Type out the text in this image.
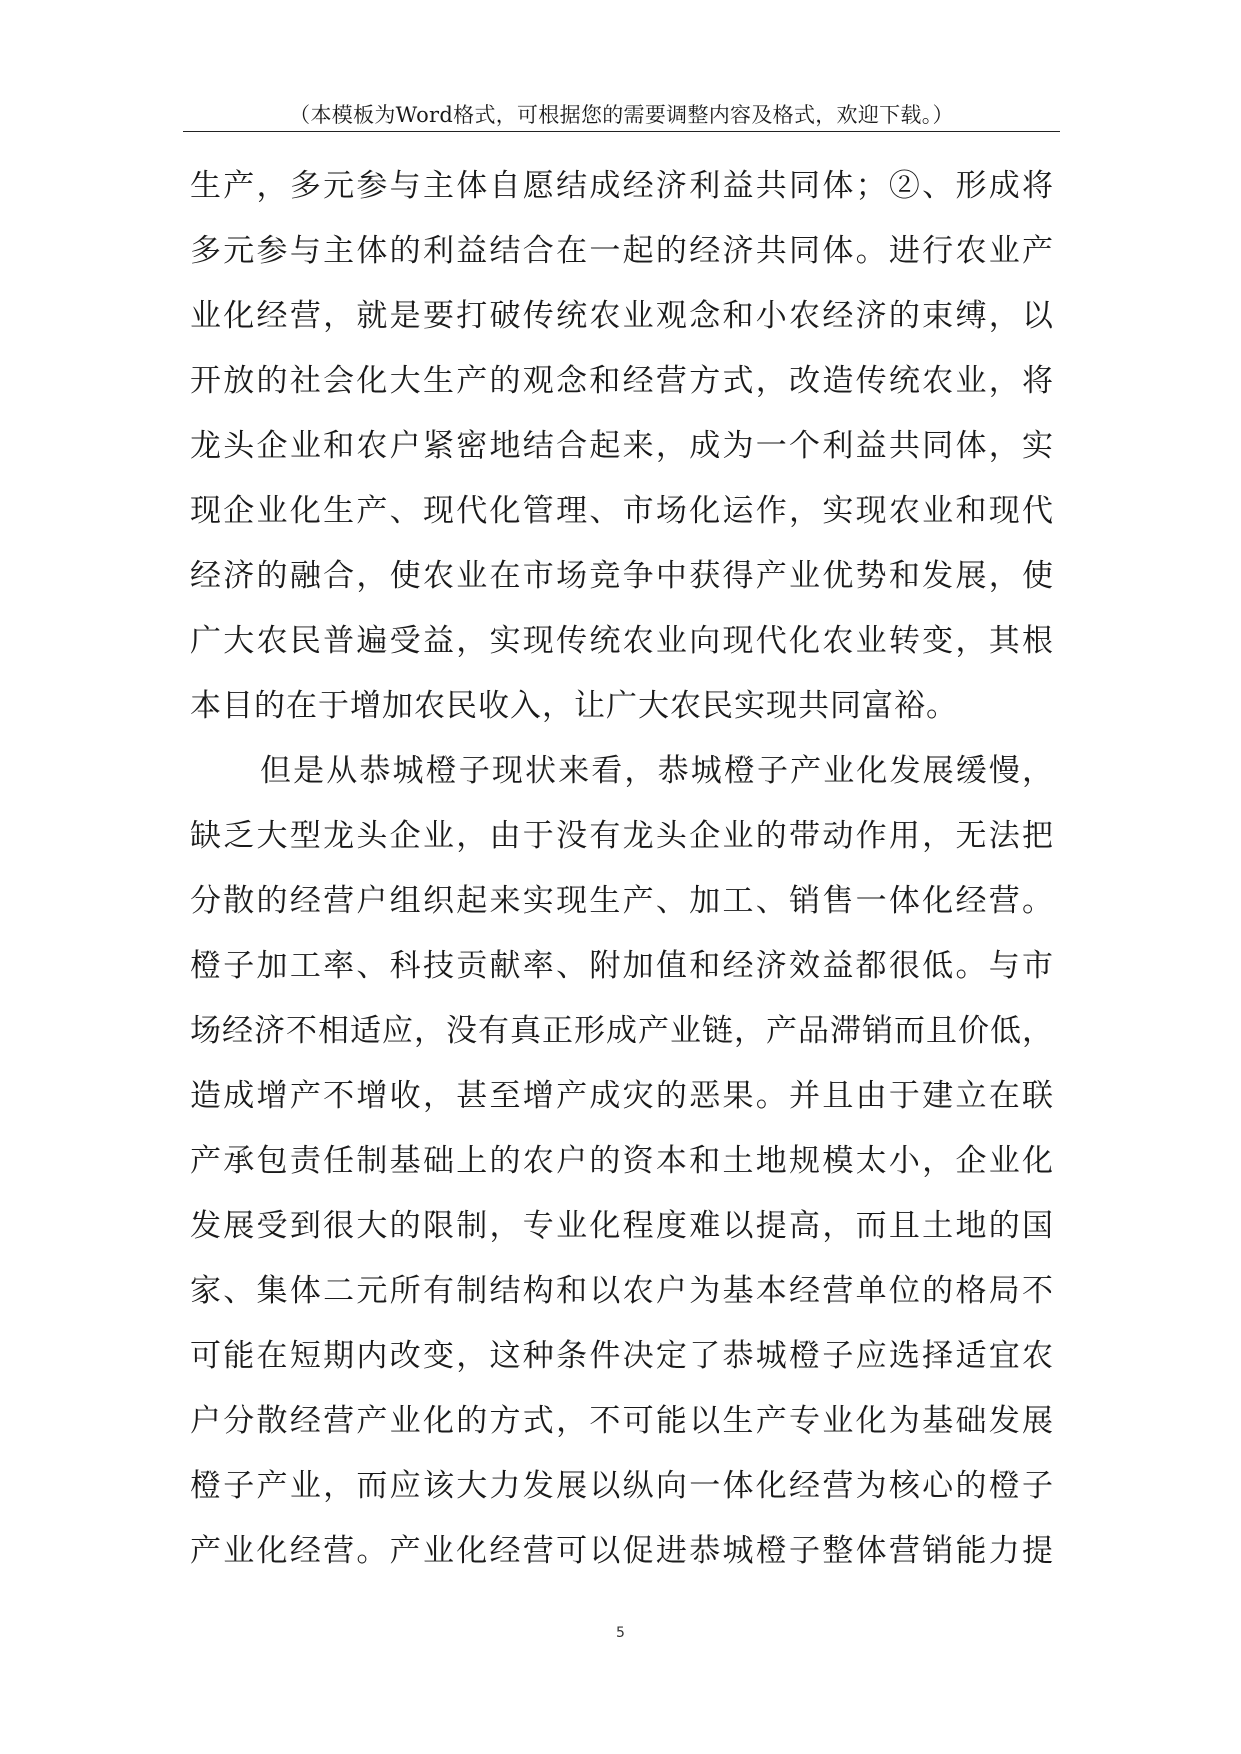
（本模板为Word格式，可根据您的需要调整内容及格式，欢迎下载。）
生产，多元参与主体自愿结成经济利益共同体；②、形成将
多元参与主体的利益结合在一起的经济共同体。进行农业产
业化经营，就是要打破传统农业观念和小农经济的束缚，以
开放的社会化大生产的观念和经营方式，改造传统农业，将
龙头企业和农户紧密地结合起来，成为一个利益共同体，实
现企业化生产、现代化管理、市场化运作，实现农业和现代
经济的融合，使农业在市场竞争中获得产业优势和发展，使
广大农民普遍受益，实现传统农业向现代化农业转变，其根
本目的在于增加农民收入，让广大农民实现共同富裕。
但是从恭城橙子现状来看，恭城橙子产业化发展缓慢，
缺乏大型龙头企业，由于没有龙头企业的带动作用，无法把
分散的经营户组织起来实现生产、加工、销售一体化经营。
橙子加工率、科技贡献率、附加值和经济效益都很低。与市
场经济不相适应，没有真正形成产业链，产品滞销而且价低，
造成增产不增收，甚至增产成灾的恶果。并且由于建立在联
产承包责任制基础上的农户的资本和土地规模太小，企业化
发展受到很大的限制，专业化程度难以提高，而且土地的国
家、集体二元所有制结构和以农户为基本经营单位的格局不
可能在短期内改变，这种条件决定了恭城橙子应选择适宜农
户分散经营产业化的方式，不可能以生产专业化为基础发展
橙子产业，而应该大力发展以纵向一体化经营为核心的橙子
产业化经营。产业化经营可以促进恭城橙子整体营销能力提
5
